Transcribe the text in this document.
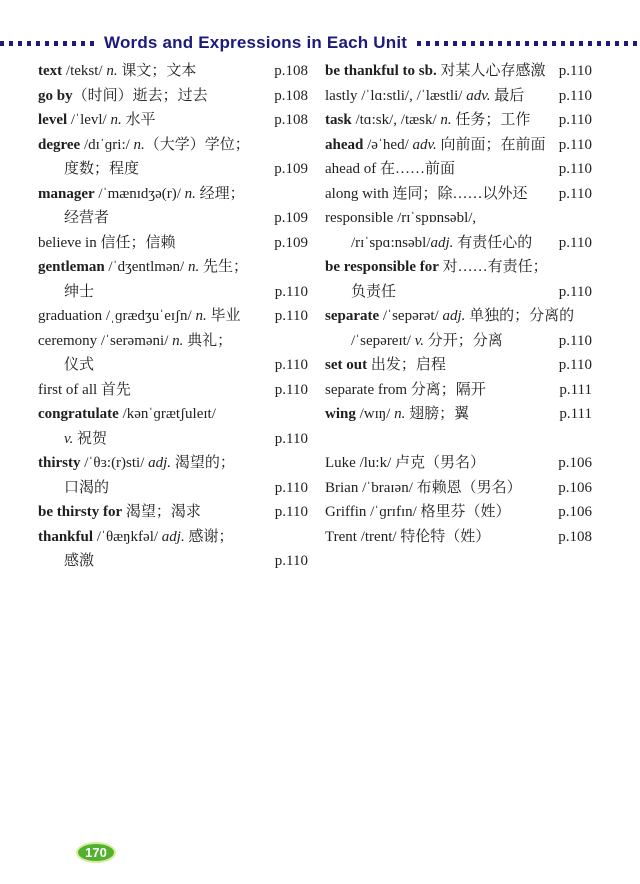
Words and Expressions in Each Unit
text /tekst/ n. 课文；文本	p.108
go by（时间）逝去；过去	p.108
level /ˈlevl/ n. 水平	p.108
degree /dɪˈɡri:/ n.（大学）学位；
度数；程度	p.109
manager /ˈmænɪdʒə(r)/ n. 经理；
经营者	p.109
believe in 信任；信赖	p.109
gentleman /ˈdʒentlmən/ n. 先生；
绅士	p.110
graduation /ˌɡrædʒuˈeɪʃn/ n. 毕业	p.110
ceremony /ˈserəməni/ n. 典礼；
仪式	p.110
first of all 首先	p.110
congratulate /kənˈɡrætʃuleɪt/
v. 祝贺	p.110
thirsty /ˈθɜ:(r)sti/ adj. 渴望的；
口渴的	p.110
be thirsty for 渴望；渴求	p.110
thankful /ˈθæŋkfəl/ adj. 感谢；
感激	p.110
be thankful to sb. 对某人心存感激 p.110
lastly /ˈlɑ:stli/, /ˈlæstli/ adv. 最后	p.110
task /tɑ:sk/, /tæsk/ n. 任务；工作	p.110
ahead /əˈhed/ adv. 向前面；在前面 p.110
ahead of 在……前面	p.110
along with 连同；除……以外还	p.110
responsible /rɪˈspɒnsəbl/,
/rɪˈspɑ:nsəbl/adj. 有责任心的	p.110
be responsible for 对……有责任；
负责任	p.110
separate /ˈsepərət/ adj. 单独的；分离的
/ˈsepəreɪt/ v. 分开；分离	p.110
set out 出发；启程	p.110
separate from 分离；隔开	p.111
wing /wɪŋ/ n. 翅膀；翼	p.111
Luke /lu:k/ 卢克（男名）	p.106
Brian /ˈbraɪən/ 布赖恩（男名）	p.106
Griffin /ˈɡrɪfɪn/ 格里芬（姓）	p.106
Trent /trent/ 特伦特（姓）	p.108
170
